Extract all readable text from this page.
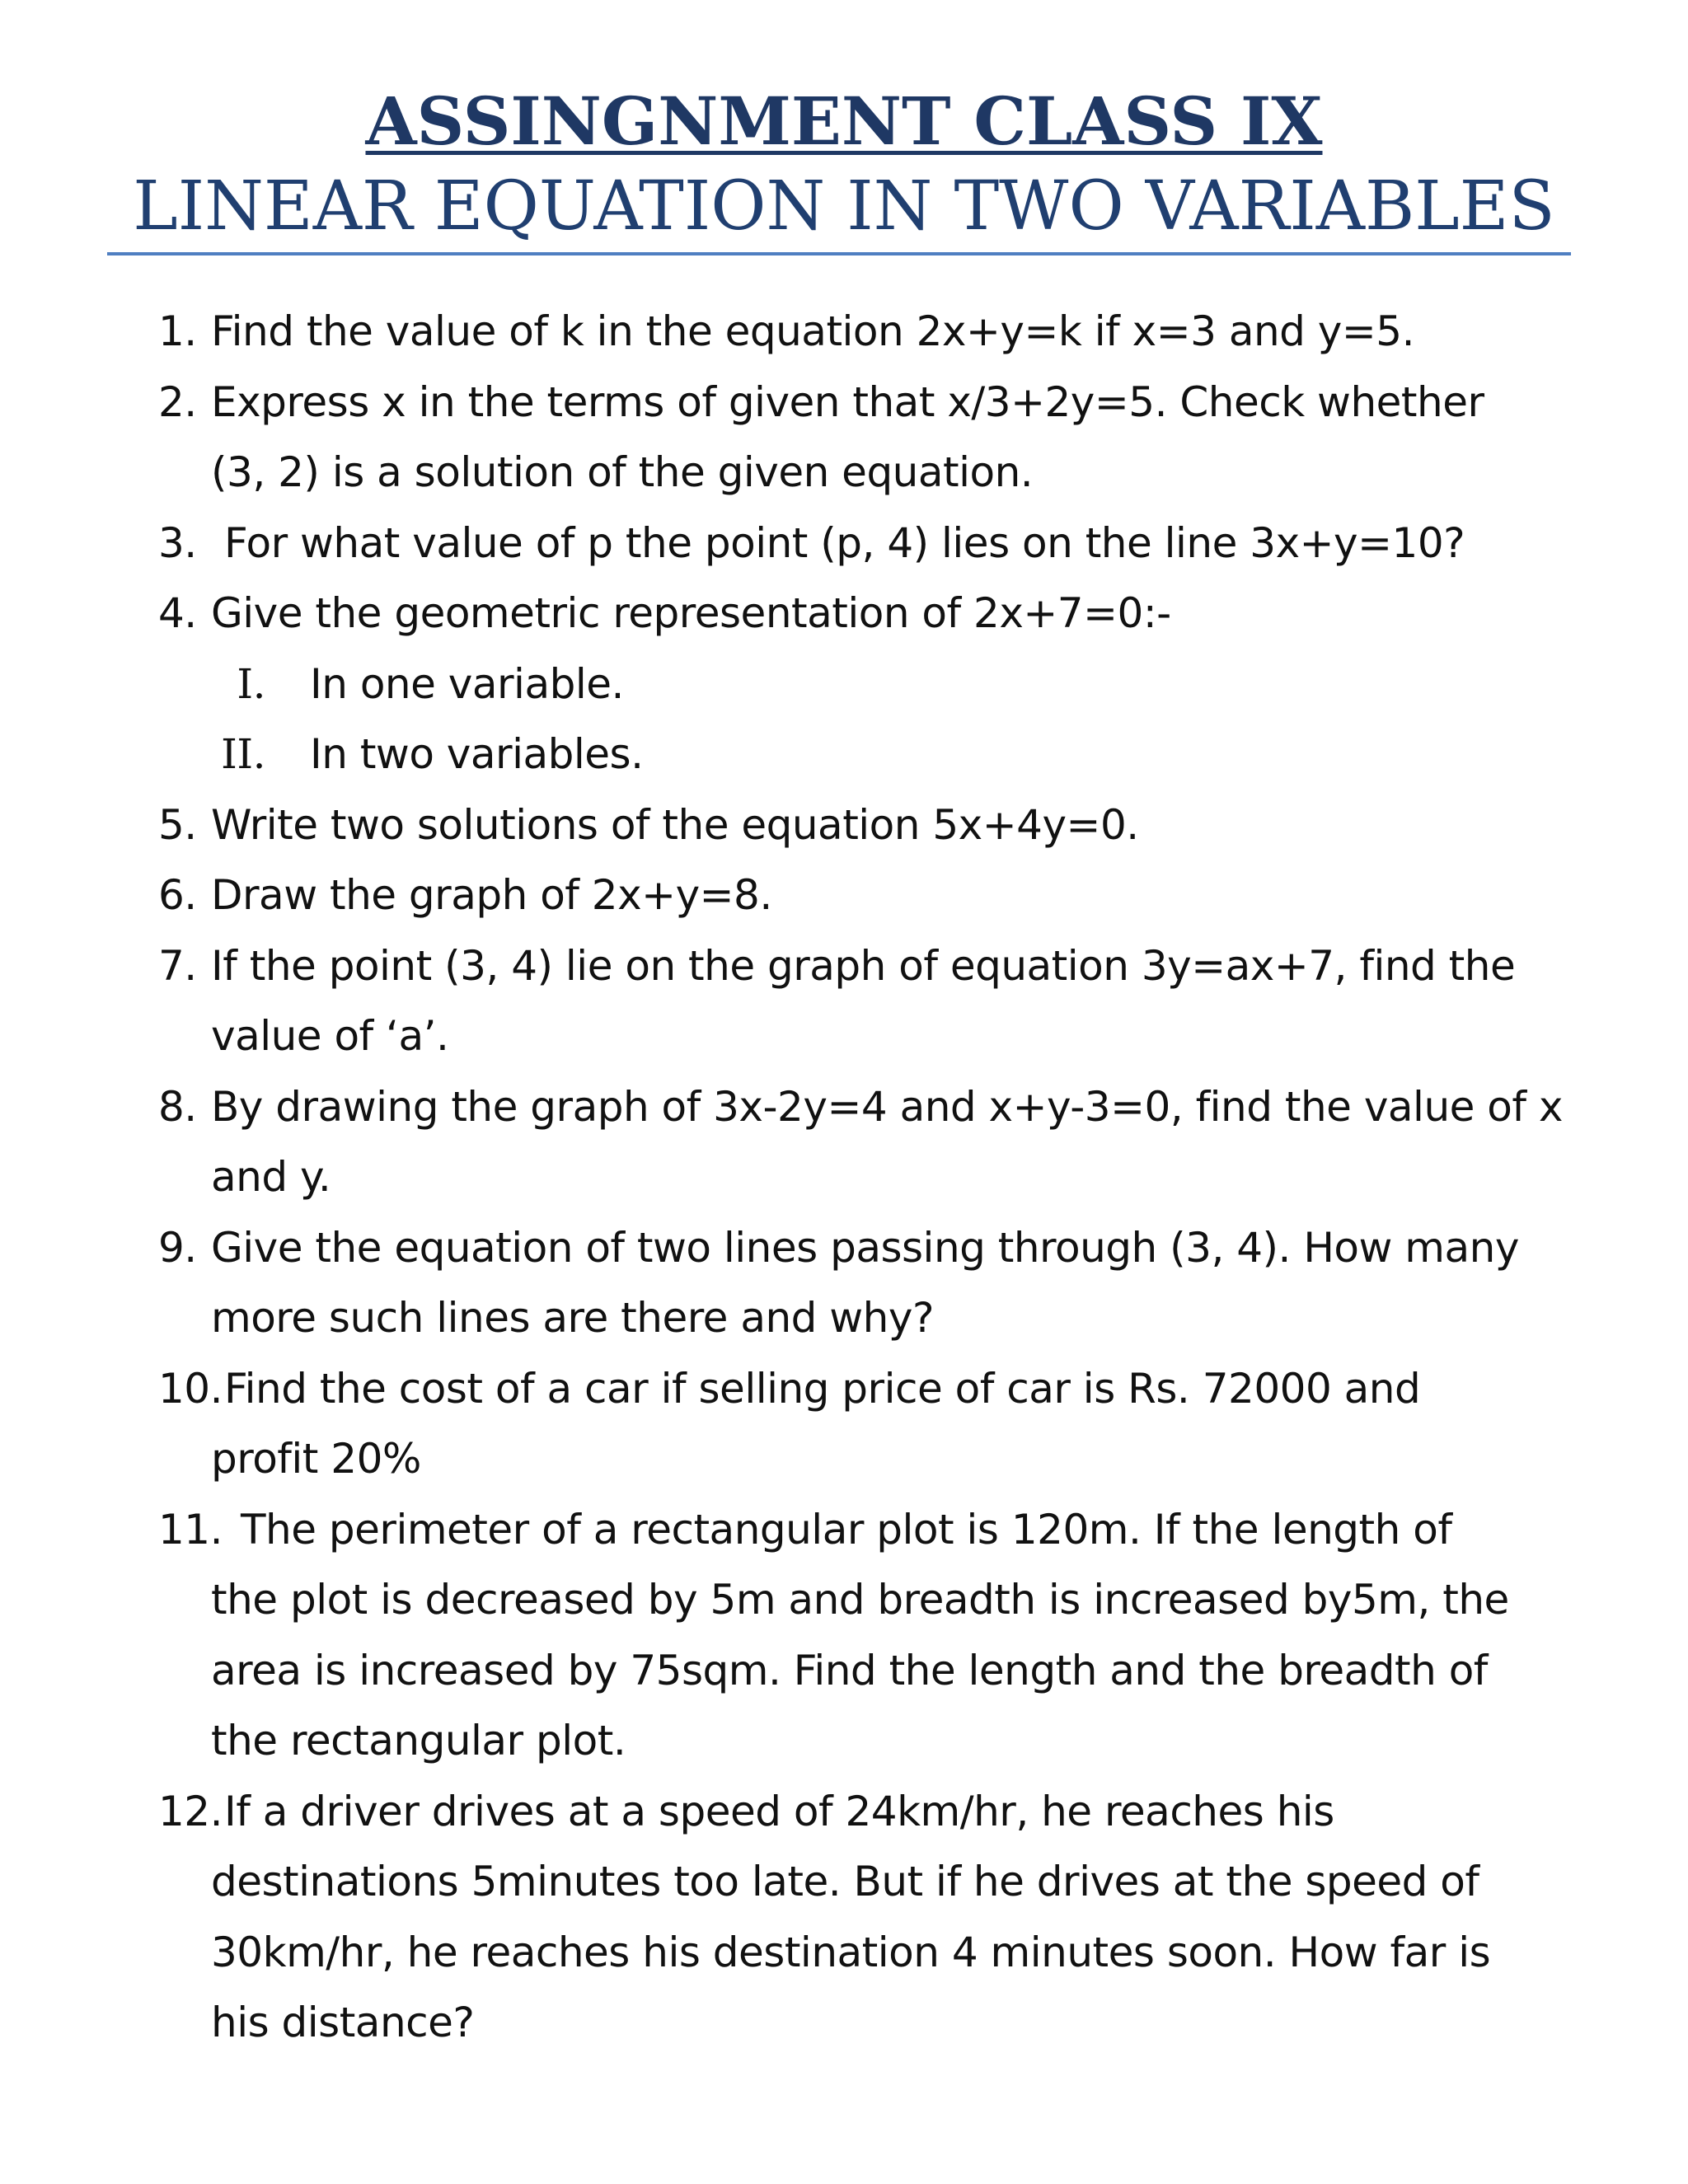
ASSINGNMENT CLASS IX
LINEAR EQUATION IN TWO VARIABLES
1. Find the value of k in the equation 2x+y=k if x=3 and y=5.
2. Express x in the terms of given that x/3+2y=5. Check whether
(3, 2) is a solution of the given equation.
3. For what value of p the point (p, 4) lies on the line 3x+y=10?
4. Give the geometric representation of 2x+7=0:-
I. In one variable.
II. In two variables.
5. Write two solutions of the equation 5x+4y=0.
6. Draw the graph of 2x+y=8.
7. If the point (3, 4) lie on the graph of equation 3y=ax+7, find the
value of ‘a’.
8. By drawing the graph of 3x-2y=4 and x+y-3=0, find the value of x
and y.
9. Give the equation of two lines passing through (3, 4). How many
more such lines are there and why?
10. Find the cost of a car if selling price of car is Rs. 72000 and
profit 20%
11. The perimeter of a rectangular plot is 120m. If the length of
the plot is decreased by 5m and breadth is increased by5m, the
area is increased by 75sqm. Find the length and the breadth of
the rectangular plot.
12. If a driver drives at a speed of 24km/hr, he reaches his
destinations 5minutes too late. But if he drives at the speed of
30km/hr, he reaches his destination 4 minutes soon. How far is
his distance?
